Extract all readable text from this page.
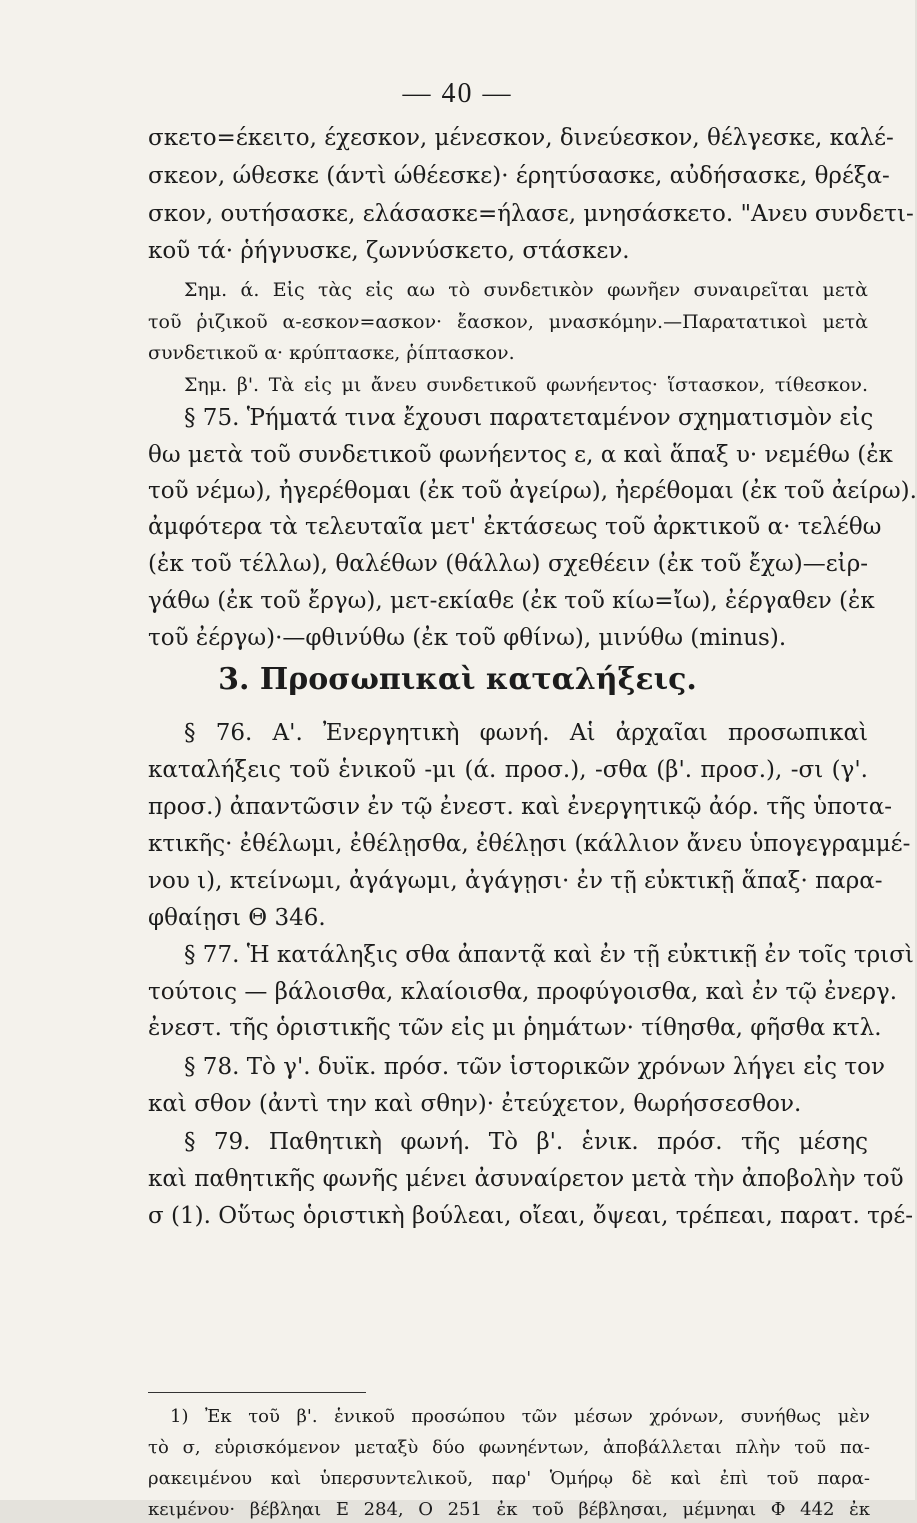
— 40 —
σκετο=έκειτο, έχεσκον, μένεσκον, δινεύεσκον, θέλγεσκε, καλέ-
σκεον, ώθεσκε (άντὶ ώθέεσκε)· έρητύσασκε, αὐδήσασκε, θρέξα-
σκον, ουτήσασκε, ελάσασκε=ήλασε, μνησάσκετο. "Ανευ συνδετι-
κοῦ τά· ῥήγνυσκε, ζωννύσκετο, στάσκεν.
Σημ. ά. Εἰς τὰς εἰς αω τὸ συνδετικὸν φωνῆεν συναιρεῖται μετὰ
τοῦ ῥιζικοῦ α-εσκον=ασκον· ἔασκον, μνασκόμην.—Παρατατικοὶ μετὰ
συνδετικοῦ α· κρύπτασκε, ῥίπτασκον.
Σημ. β'. Τὰ εἰς μι ἄνευ συνδετικοῦ φωνήεντος· ἵστασκον, τίθεσκον.
§ 75. Ῥήματά τινα ἔχουσι παρατεταμένον σχηματισμὸν εἰς
θω μετὰ τοῦ συνδετικοῦ φωνήεντος ε, α καὶ ἅπαξ υ· νεμέθω (ἐκ
τοῦ νέμω), ἠγερέθομαι (ἐκ τοῦ ἀγείρω), ἠερέθομαι (ἐκ τοῦ ἀείρω).
ἀμφότερα τὰ τελευταῖα μετ' ἐκτάσεως τοῦ ἀρκτικοῦ α· τελέθω
(ἐκ τοῦ τέλλω), θαλέθων (θάλλω) σχεθέειν (ἐκ τοῦ ἔχω)—εἰρ-
γάθω (ἐκ τοῦ ἔργω), μετ-εκίαθε (ἐκ τοῦ κίω=ἴω), ἐέργαθεν (ἐκ
τοῦ ἐέργω)·—φθινύθω (ἐκ τοῦ φθίνω), μινύθω (minus).
3. Προσωπικαὶ καταλήξεις.
§ 76. Α'. Ἐνεργητικὴ φωνή. Αἱ ἀρχαῖαι προσωπικαὶ
καταλήξεις τοῦ ἑνικοῦ -μι (ά. προσ.), -σθα (β'. προσ.), -σι (γ'.
προσ.) ἀπαντῶσιν ἐν τῷ ἐνεστ. καὶ ἐνεργητικῷ ἀόρ. τῆς ὑποτα-
κτικῆς· ἐθέλωμι, ἐθέλῃσθα, ἐθέλῃσι (κάλλιον ἄνευ ὑπογεγραμμέ-
νου ι), κτείνωμι, ἀγάγωμι, ἀγάγῃσι· ἐν τῇ εὐκτικῇ ἅπαξ· παρα-
φθαίῃσι Θ 346.
§ 77. Ἡ κατάληξις σθα ἀπαντᾷ καὶ ἐν τῇ εὐκτικῇ ἐν τοῖς τρισὶ
τούτοις — βάλοισθα, κλαίοισθα, προφύγοισθα, καὶ ἐν τῷ ἐνεργ.
ἐνεστ. τῆς ὁριστικῆς τῶν εἰς μι ῥημάτων· τίθησθα, φῆσθα κτλ.
§ 78. Τὸ γ'. δυϊκ. πρόσ. τῶν ἱστορικῶν χρόνων λήγει εἰς τον
καὶ σθον (ἀντὶ την καὶ σθην)· ἐτεύχετον, θωρήσσεσθον.
§ 79. Παθητικὴ φωνή. Τὸ β'. ἑνικ. πρόσ. τῆς μέσης
καὶ παθητικῆς φωνῆς μένει ἀσυναίρετον μετὰ τὴν ἀποβολὴν τοῦ
σ (1). Οὕτως ὁριστικὴ βούλεαι, οἴεαι, ὄψεαι, τρέπεαι, παρατ. τρέ-
1) Ἐκ τοῦ β'. ἑνικοῦ προσώπου τῶν μέσων χρόνων, συνήθως μὲν
τὸ σ, εὑρισκόμενον μεταξὺ δύο φωνηέντων, ἀποβάλλεται πλὴν τοῦ πα-
ρακειμένου καὶ ὑπερσυντελικοῦ, παρ' Ὁμήρῳ δὲ καὶ ἐπὶ τοῦ παρα-
κειμένου· βέβληαι Ε 284, Ο 251 ἐκ τοῦ βέβλησαι, μέμνηαι Φ 442 ἐκ
